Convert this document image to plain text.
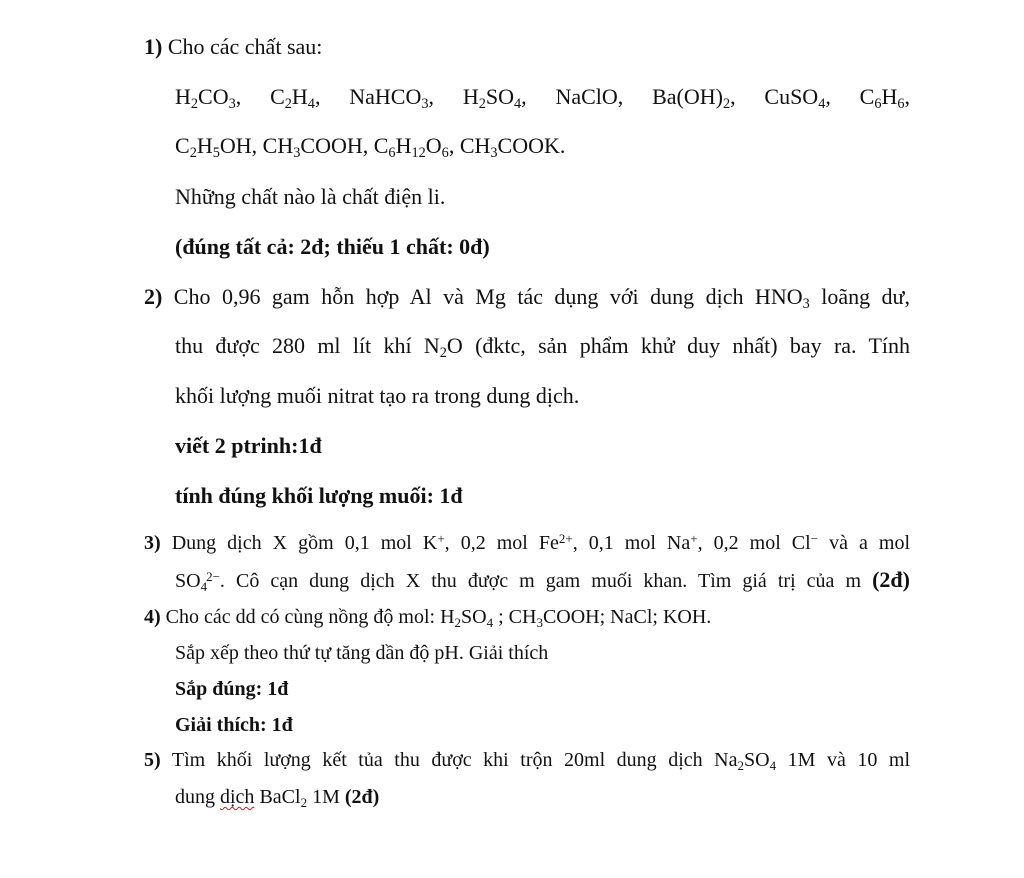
1) Cho các chất sau:
$H_2CO_3$, $C_2H_4$, NaHCO$_3$, $H_2SO_4$, NaClO, $Ba(OH)_2$, CuSO$_4$, $C_6H_6$,
$C_2H_5OH$, $CH_3COOH$, $C_6H_{12}O_6$, $CH_3COOK$.
Những chất nào là chất điện li.
(đúng tất cả: 2đ; thiếu 1 chất: 0đ)
2) Cho 0,96 gam hỗn hợp Al và Mg tác dụng với dung dịch $HNO_3$ loãng dư,
thu được 280 ml lít khí $N_2O$ (đktc, sản phẩm khử duy nhất) bay ra. Tính
khối lượng muối nitrat tạo ra trong dung dịch.
viết 2 ptrinh:1đ
tính đúng khối lượng muối: 1đ
3) Dung dịch X gồm 0,1 mol K+, 0,2 mol $Fe^{2+}$, 0,1 mol Na+, 0,2 mol Cl− và a mol
$SO_4^{2-}$. Cô cạn dung dịch X thu được m gam muối khan. Tìm giá trị của m (2đ)
4) Cho các dd có cùng nồng độ mol: $H_2SO_4$ ; $CH_3COOH$; NaCl; KOH.
Sắp xếp theo thứ tự tăng dần độ pH. Giải thích
Sắp đúng: 1đ
Giải thích: 1đ
5) Tìm khối lượng kết tủa thu được khi trộn 20ml dung dịch $Na_2SO_4$ 1M và 10 ml
dung dịch BaCl$_2$ 1M (2đ)
